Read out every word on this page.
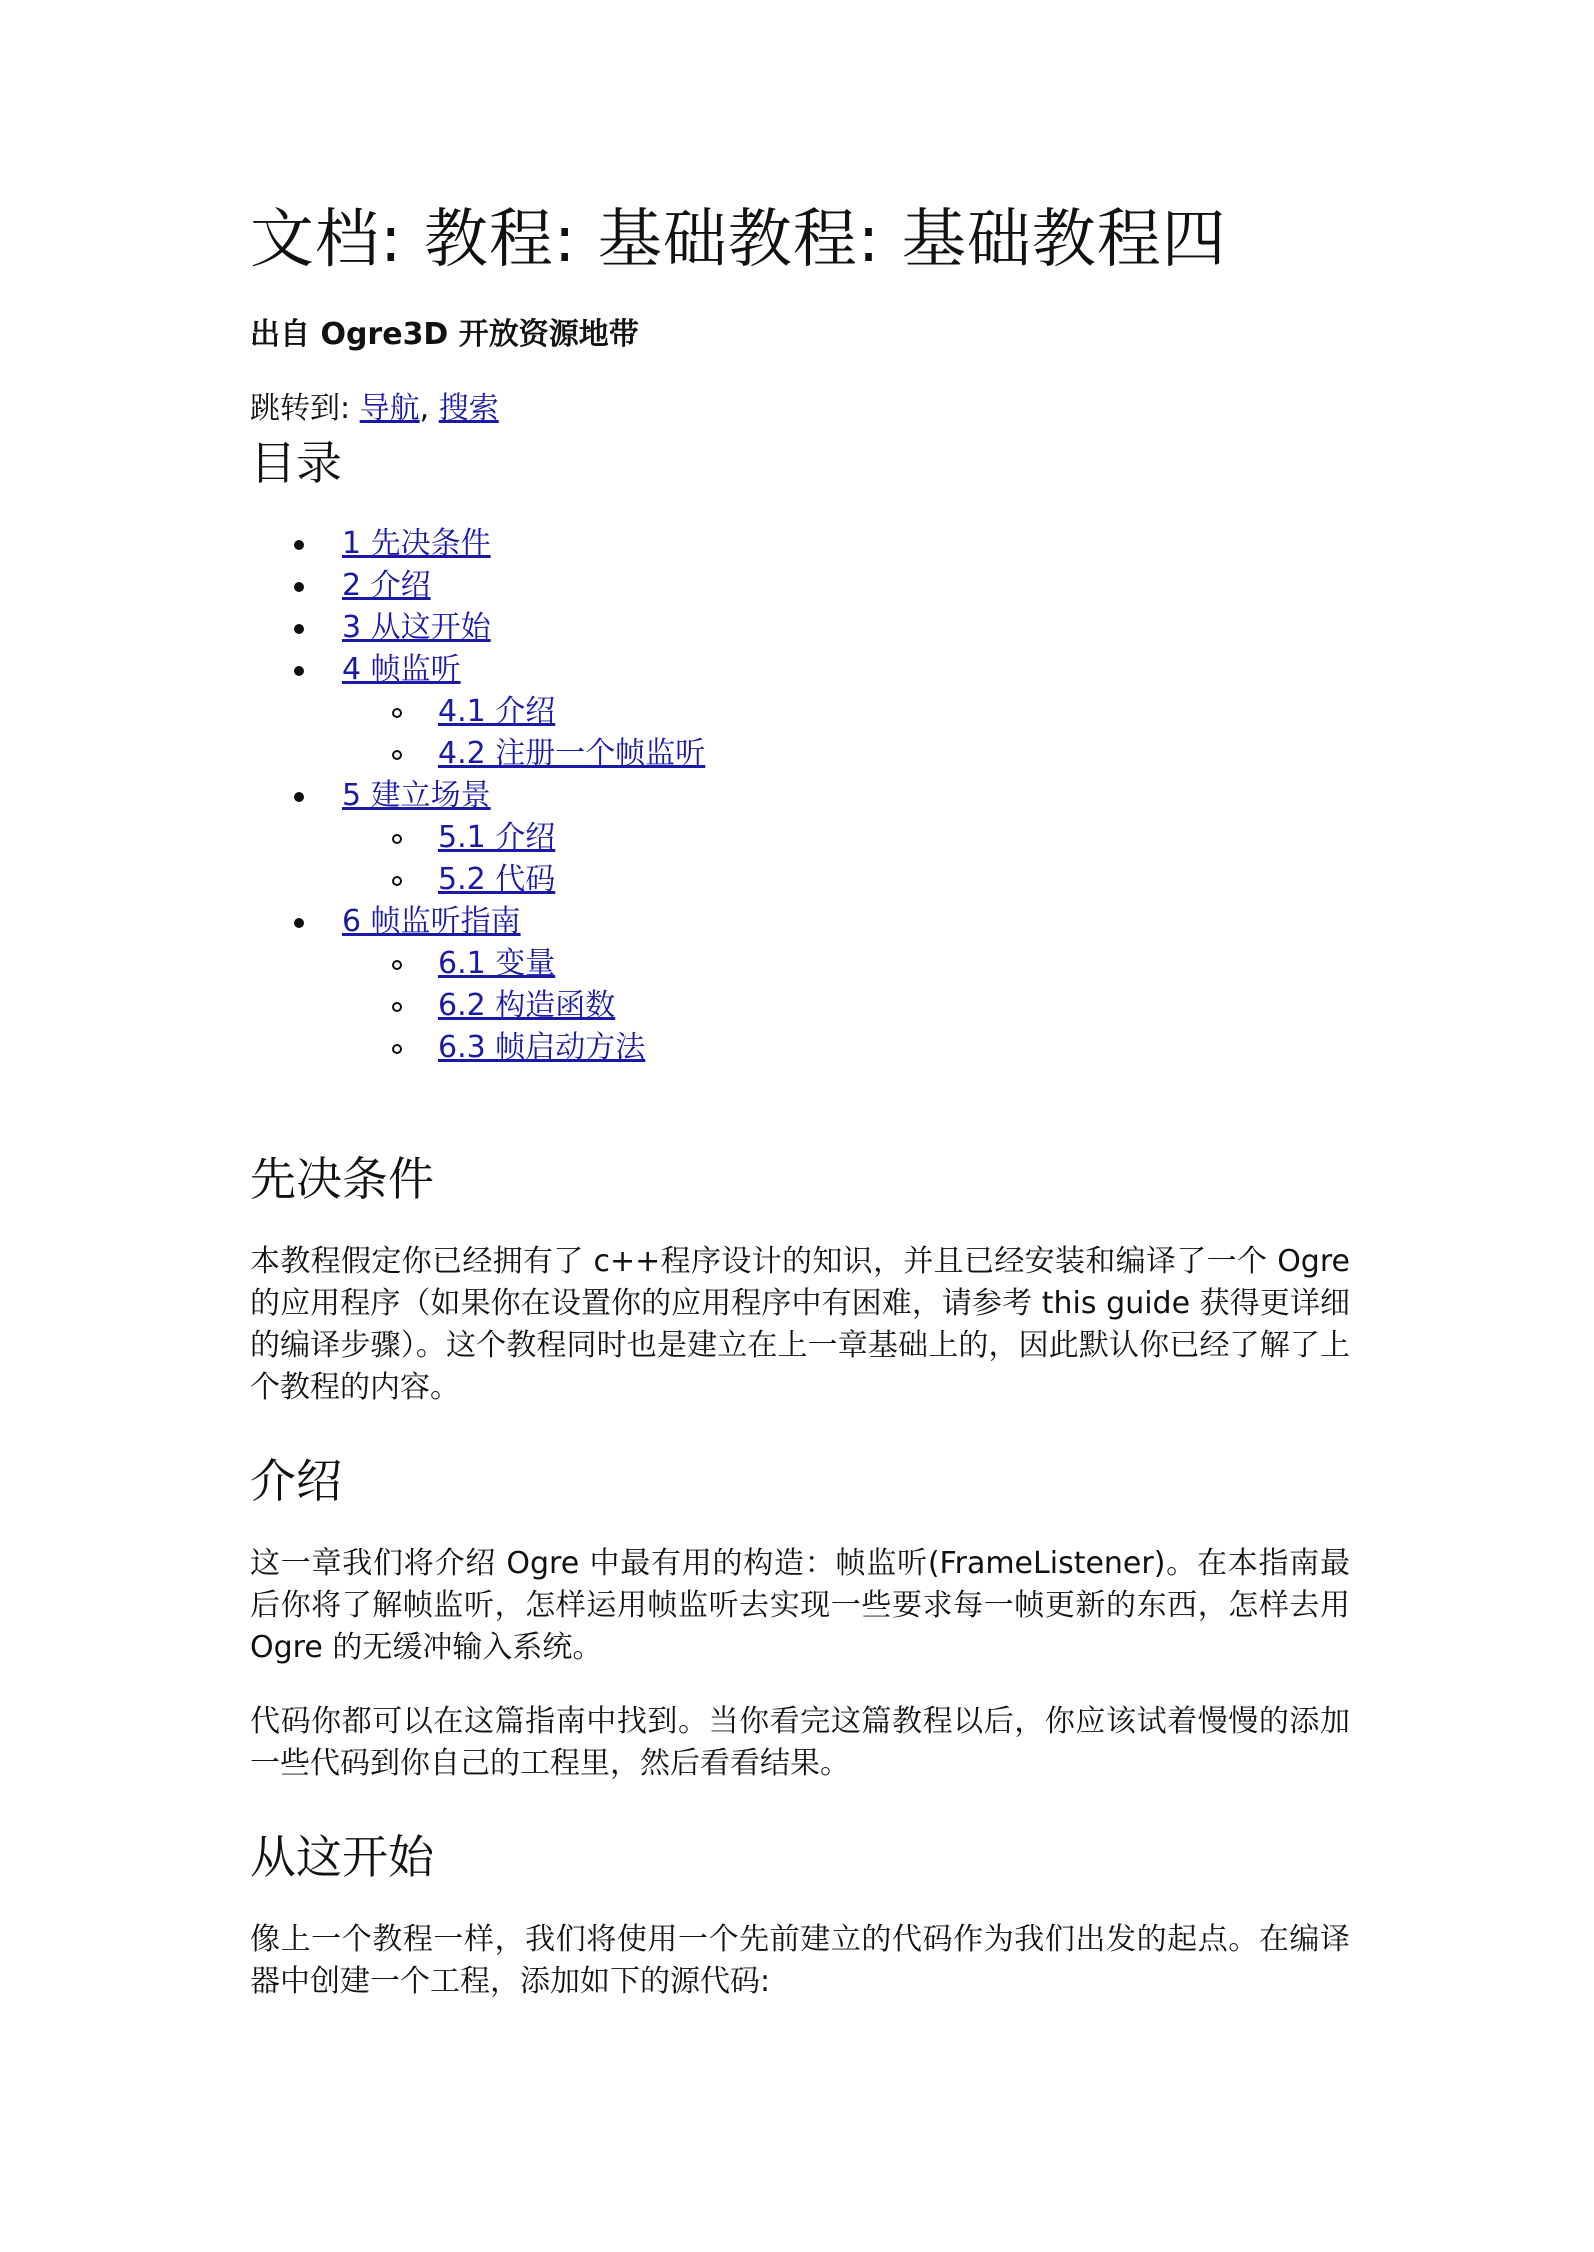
文档: 教程: 基础教程: 基础教程四
出自 Ogre3D 开放资源地带
跳转到: 导航, 搜索
目录
1 先决条件
2 介绍
3 从这开始
4 帧监听
4.1 介绍
4.2 注册一个帧监听
5 建立场景
5.1 介绍
5.2 代码
6 帧监听指南
6.1 变量
6.2 构造函数
6.3 帧启动方法
先决条件

本教程假定你已经拥有了 c++程序设计的知识，并且已经安装和编译了一个 Ogre 的应用程序（如果你在设置你的应用程序中有困难，请参考 this guide 获得更详细的编译步骤）。这个教程同时也是建立在上一章基础上的，因此默认你已经了解了上个教程的内容。

介绍

这一章我们将介绍 Ogre 中最有用的构造：帧监听(FrameListener)。在本指南最后你将了解帧监听，怎样运用帧监听去实现一些要求每一帧更新的东西，怎样去用 Ogre 的无缓冲输入系统。

代码你都可以在这篇指南中找到。当你看完这篇教程以后，你应该试着慢慢的添加一些代码到你自己的工程里，然后看看结果。

从这开始

像上一个教程一样，我们将使用一个先前建立的代码作为我们出发的起点。在编译器中创建一个工程，添加如下的源代码:
